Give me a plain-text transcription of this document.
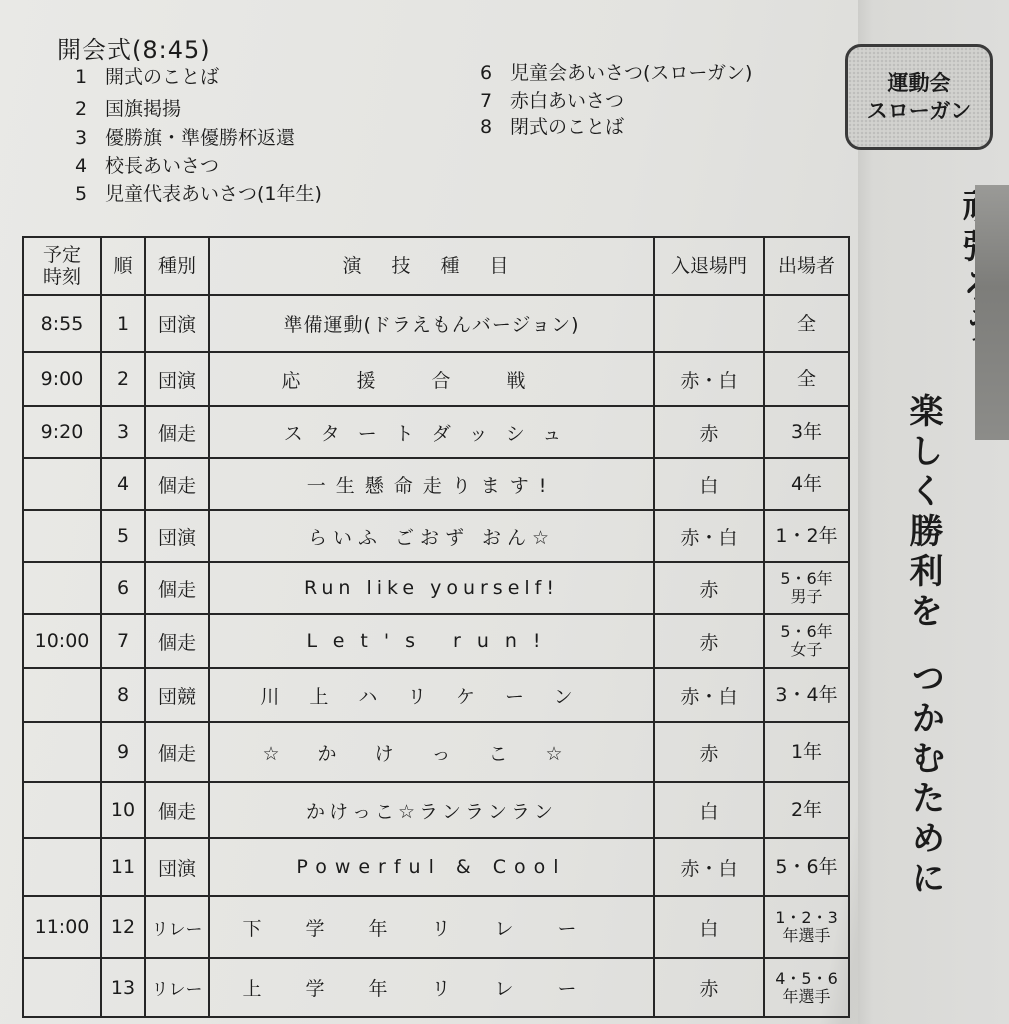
開会式(8:45)
1 開式のことば
2 国旗掲揚
3 優勝旗・準優勝杯返還
4 校長あいさつ
5 児童代表あいさつ(1年生)
6 児童会あいさつ(スローガン)
7 赤白あいさつ
8 閉式のことば
予定
時刻	順	種別	演 技 種 目	入退場門	出場者
8:55	1	団演	準備運動(ドラえもんバージョン)		全
9:00	2	団演	応援合戦	赤・白	全
9:20	3	個走	スタートダッシュ	赤	3年
	4	個走	一生懸命走ります!	白	4年
	5	団演	らいふ ごおず おん☆	赤・白	1・2年
	6	個走	Run like yourself!	赤	5・6年
男子
10:00	7	個走	Let's run!	赤	5・6年
女子
	8	団競	川上ハリケーン	赤・白	3・4年
	9	個走	☆かけっこ☆	赤	1年
	10	個走	かけっこ☆ランランラン	白	2年
	11	団演	Powerful & Cool	赤・白	5・6年
11:00	12	リレー	下学年リレー	白	1・2・3
年選手
	13	リレー	上学年リレー	赤	4・5・6
年選手
運動会
スローガン
楽しく勝利を
つかむために
